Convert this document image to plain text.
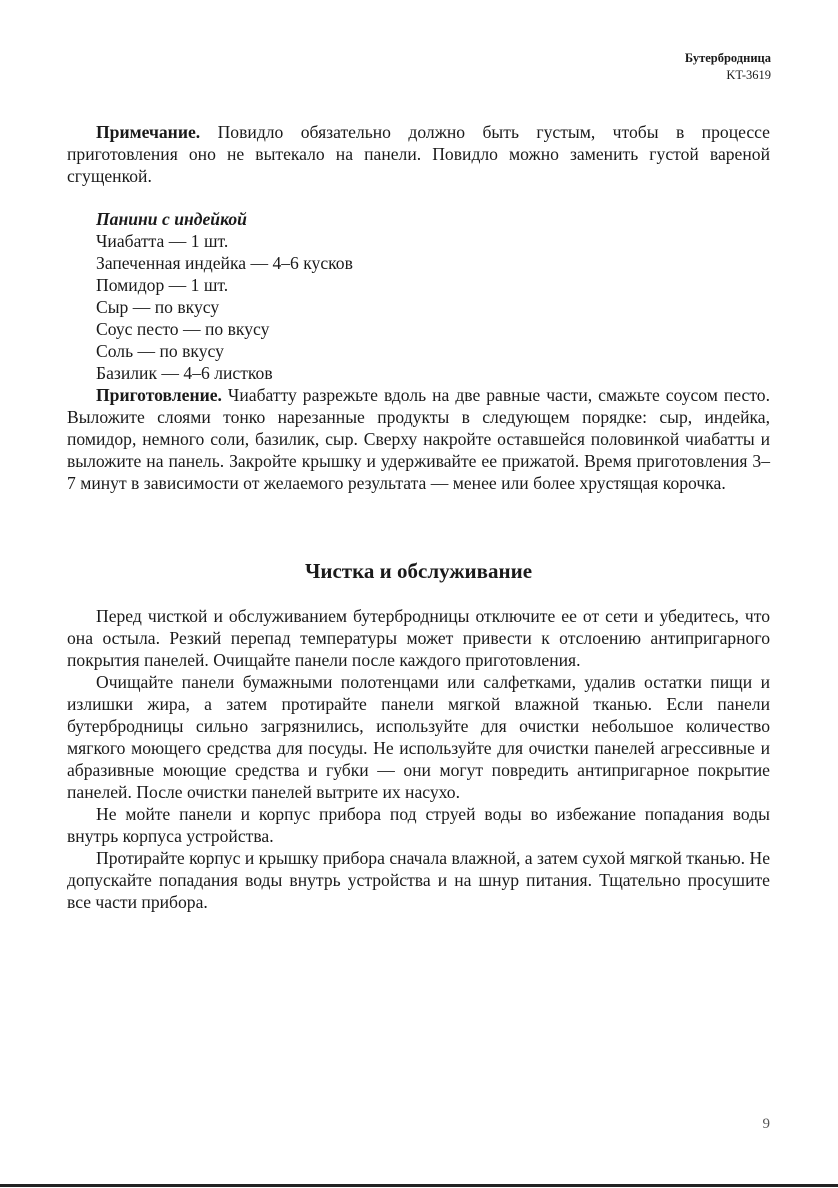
Бутербродница
KT-3619

Примечание. Повидло обязательно должно быть густым, чтобы в процессе приготовления оно не вытекало на панели. Повидло можно заменить густой вареной сгущенкой.

Панини с индейкой
Чиабатта — 1 шт.
Запеченная индейка — 4–6 кусков
Помидор — 1 шт.
Сыр — по вкусу
Соус песто — по вкусу
Соль — по вкусу
Базилик — 4–6 листков

Приготовление. Чиабатту разрежьте вдоль на две равные части, смажьте соусом песто. Выложите слоями тонко нарезанные продукты в следующем порядке: сыр, индейка, помидор, немного соли, базилик, сыр. Сверху накройте оставшейся половинкой чиабатты и выложите на панель. Закройте крышку и удерживайте ее прижатой. Время приготовления 3–7 минут в зависимости от желаемого результата — менее или более хрустящая корочка.

Чистка и обслуживание

Перед чисткой и обслуживанием бутербродницы отключите ее от сети и убедитесь, что она остыла. Резкий перепад температуры может привести к отслоению антипригарного покрытия панелей. Очищайте панели после каждого приготовления.

Очищайте панели бумажными полотенцами или салфетками, удалив остатки пищи и излишки жира, а затем протирайте панели мягкой влажной тканью. Если панели бутербродницы сильно загрязнились, используйте для очистки небольшое количество мягкого моющего средства для посуды. Не используйте для очистки панелей агрессивные и абразивные моющие средства и губки — они могут повредить антипригарное покрытие панелей. После очистки панелей вытрите их насухо.

Не мойте панели и корпус прибора под струей воды во избежание попадания воды внутрь корпуса устройства.

Протирайте корпус и крышку прибора сначала влажной, а затем сухой мягкой тканью. Не допускайте попадания воды внутрь устройства и на шнур питания. Тщательно просушите все части прибора.

9
